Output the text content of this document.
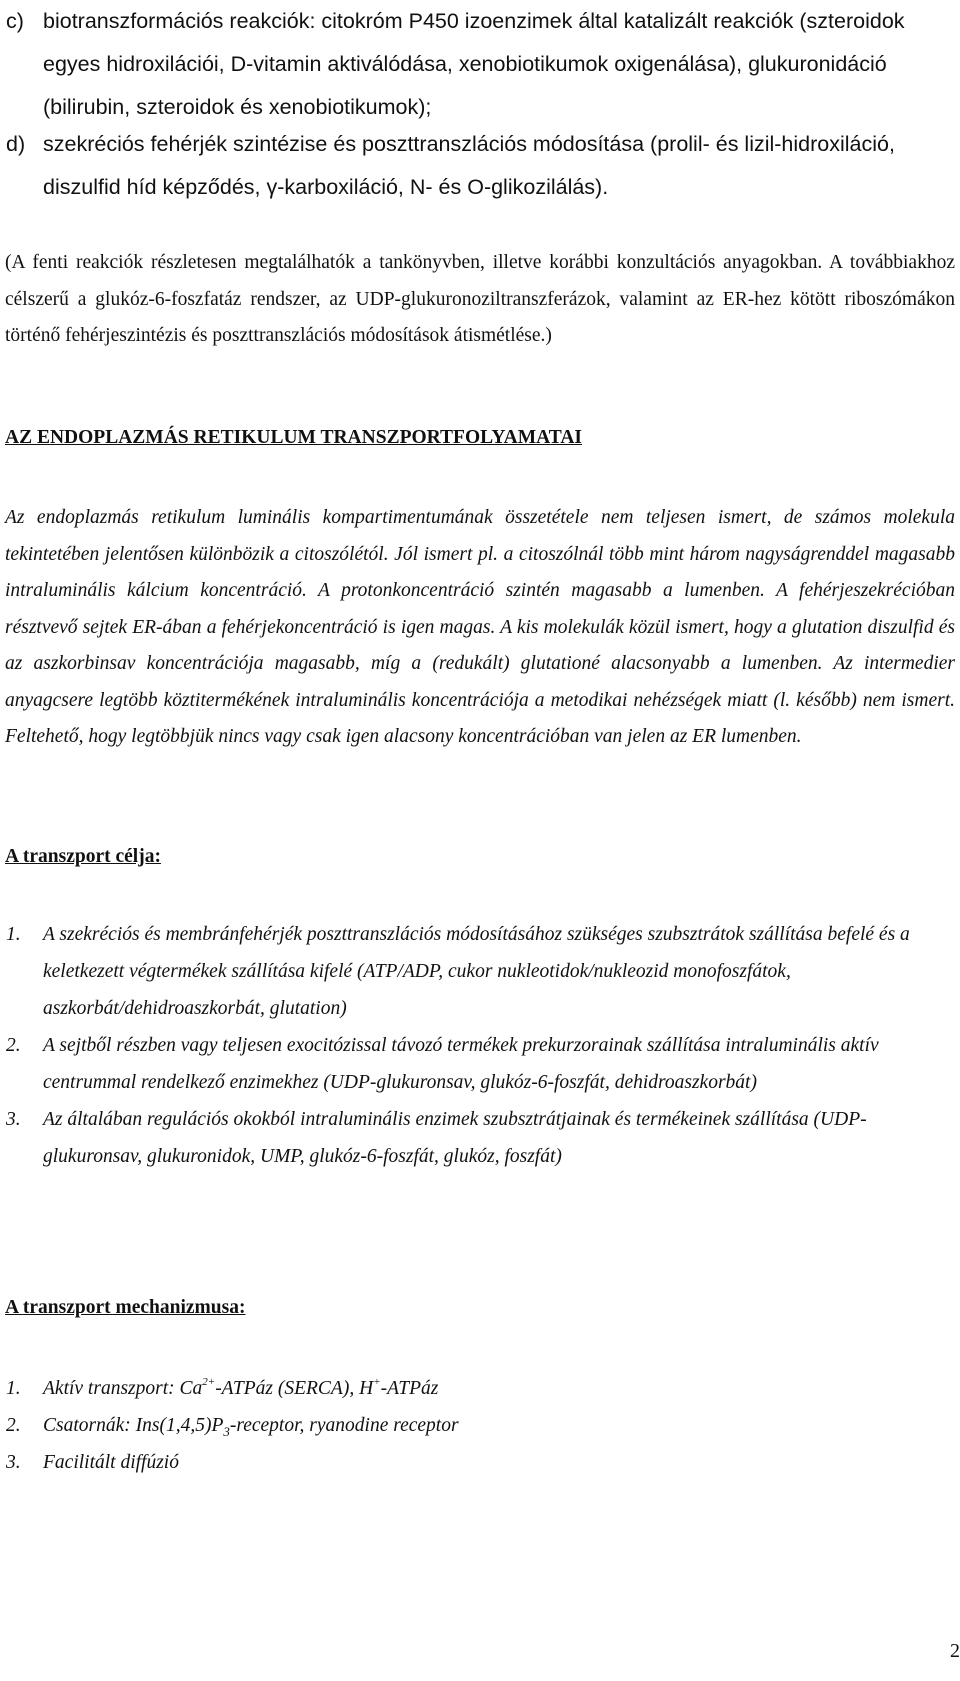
c) biotranszformációs reakciók: citokróm P450 izoenzimek által katalizált reakciók (szteroidok egyes hidroxilációi, D-vitamin aktiválódása, xenobiotikumok oxigenálása), glukuronidáció (bilirubin, szteroidok és xenobiotikumok);
d) szekréciós fehérjék szintézise és poszttranszlációs módosítása (prolil- és lizil-hidroxiláció, diszulfid híd képződés, γ-karboxiláció, N- és O-glikozilálás).

(A fenti reakciók részletesen megtalálhatók a tankönyvben, illetve korábbi konzultációs anyagokban. A továbbiakhoz célszerű a glukóz-6-foszfatáz rendszer, az UDP-glukuronoziltranszferázok, valamint az ER-hez kötött riboszómákon történő fehérjeszintézis és poszttranszlációs módosítások átismétlése.)

AZ ENDOPLAZMÁS RETIKULUM TRANSZPORTFOLYAMATAI

Az endoplazmás retikulum luminális kompartimentumának összetétele nem teljesen ismert, de számos molekula tekintetében jelentősen különbözik a citoszólétól. Jól ismert pl. a citoszólnál több mint három nagyságrenddel magasabb intraluminális kálcium koncentráció. A protonkoncentráció szintén magasabb a lumenben. A fehérjeszekrécióban résztvevő sejtek ER-ában a fehérjekoncentráció is igen magas. A kis molekulák közül ismert, hogy a glutation diszulfid és az aszkorbinsav koncentrációja magasabb, míg a (redukált) glutationé alacsonyabb a lumenben. Az intermedier anyagcsere legtöbb köztitermékének intraluminális koncentrációja a metodikai nehézségek miatt (l. később) nem ismert. Feltehető, hogy legtöbbjük nincs vagy csak igen alacsony koncentrációban van jelen az ER lumenben.

A transzport célja:
1. A szekréciós és membránfehérjék poszttranszlációs módosításához szükséges szubsztrátok szállítása befelé és a keletkezett végtermékek szállítása kifelé (ATP/ADP, cukor nukleotidok/nukleozid monofoszfátok, aszkorbát/dehidroaszkorbát, glutation)
2. A sejtből részben vagy teljesen exocitózissal távozó termékek prekurzorainak szállítása intraluminális aktív centrummal rendelkező enzimekhez (UDP-glukuronsav, glukóz-6-foszfát, dehidroaszkorbát)
3. Az általában regulációs okokból intraluminális enzimek szubsztrátjainak és termékeinek szállítása (UDP-glukuronsav, glukuronidok, UMP, glukóz-6-foszfát, glukóz, foszfát)
A transzport mechanizmusa:
1. Aktív transzport: $Ca^{2+}$-ATPáz (SERCA), H+-ATPáz
2. Csatornák: $Ins(1,4,5)P_3$-receptor, ryanodine receptor
3. Facilitált diffúzió
2
